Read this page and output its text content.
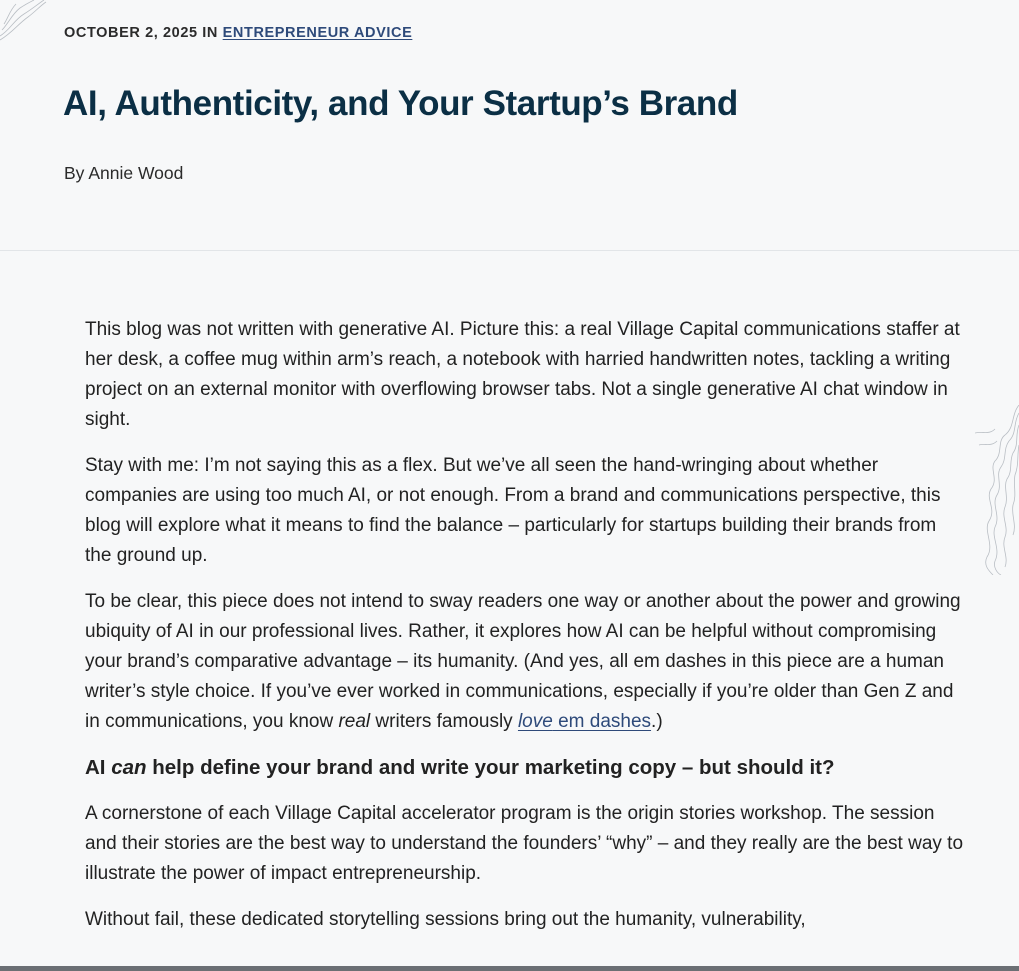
OCTOBER 2, 2025 IN ENTREPRENEUR ADVICE
AI, Authenticity, and Your Startup’s Brand
By Annie Wood

This blog was not written with generative AI. Picture this: a real Village Capital communications staffer at her desk, a coffee mug within arm’s reach, a notebook with harried handwritten notes, tackling a writing project on an external monitor with overflowing browser tabs. Not a single generative AI chat window in sight.

Stay with me: I’m not saying this as a flex. But we’ve all seen the hand-wringing about whether companies are using too much AI, or not enough. From a brand and communications perspective, this blog will explore what it means to find the balance – particularly for startups building their brands from the ground up.

To be clear, this piece does not intend to sway readers one way or another about the power and growing ubiquity of AI in our professional lives. Rather, it explores how AI can be helpful without compromising your brand’s comparative advantage – its humanity. (And yes, all em dashes in this piece are a human writer’s style choice. If you’ve ever worked in communications, especially if you’re older than Gen Z and in communications, you know real writers famously love em dashes.)

AI can help define your brand and write your marketing copy – but should it?

A cornerstone of each Village Capital accelerator program is the origin stories workshop. The session and their stories are the best way to understand the founders’ “why” – and they really are the best way to illustrate the power of impact entrepreneurship.

Without fail, these dedicated storytelling sessions bring out the humanity, vulnerability,
